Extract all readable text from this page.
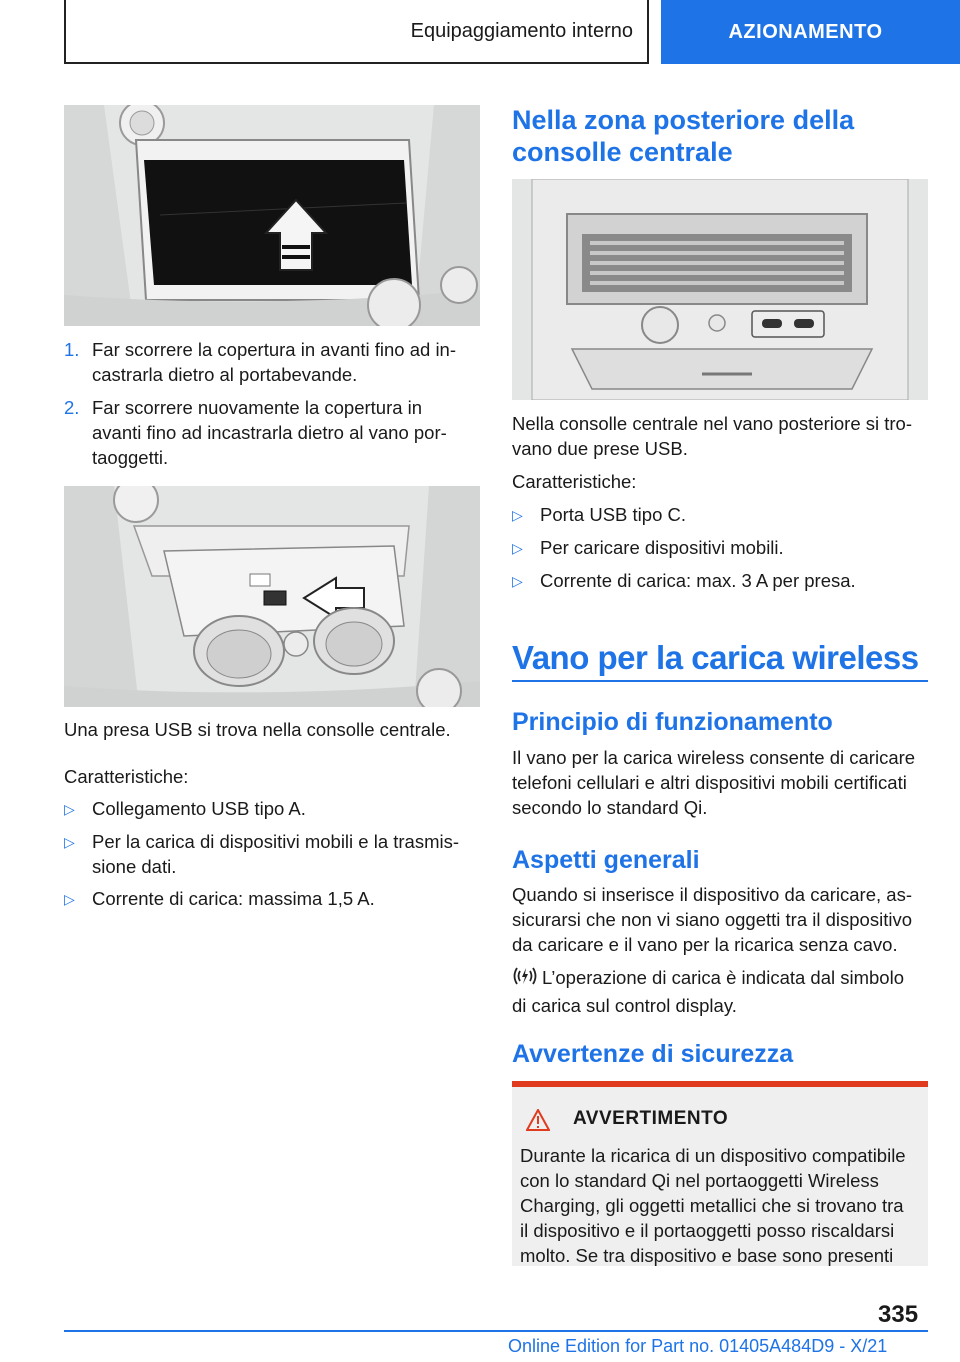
Equipaggiamento interno	AZIONAMENTO
1. Far scorrere la copertura in avanti fino ad in-
castrarla dietro al portabevande.
2. Far scorrere nuovamente la copertura in
avanti fino ad incastrarla dietro al vano por-
taoggetti.
Una presa USB si trova nella consolle centrale.
Caratteristiche:
▷ Collegamento USB tipo A.
▷ Per la carica di dispositivi mobili e la trasmis-
sione dati.
▷ Corrente di carica: massima 1,5 A.
Nella zona posteriore della
consolle centrale
Nella consolle centrale nel vano posteriore si tro-
vano due prese USB.
Caratteristiche:
▷ Porta USB tipo C.
▷ Per caricare dispositivi mobili.
▷ Corrente di carica: max. 3 A per presa.
Vano per la carica wireless
Principio di funzionamento
Il vano per la carica wireless consente di caricare
telefoni cellulari e altri dispositivi mobili certificati
secondo lo standard Qi.
Aspetti generali
Quando si inserisce il dispositivo da caricare, as-
sicurarsi che non vi siano oggetti tra il dispositivo
da caricare e il vano per la ricarica senza cavo.
L’operazione di carica è indicata dal simbolo
di carica sul control display.
Avvertenze di sicurezza
AVVERTIMENTO
Durante la ricarica di un dispositivo compatibile
con lo standard Qi nel portaoggetti Wireless
Charging, gli oggetti metallici che si trovano tra
il dispositivo e il portaoggetti posso riscaldarsi
molto. Se tra dispositivo e base sono presenti
335
Online Edition for Part no. 01405A484D9 - X/21
